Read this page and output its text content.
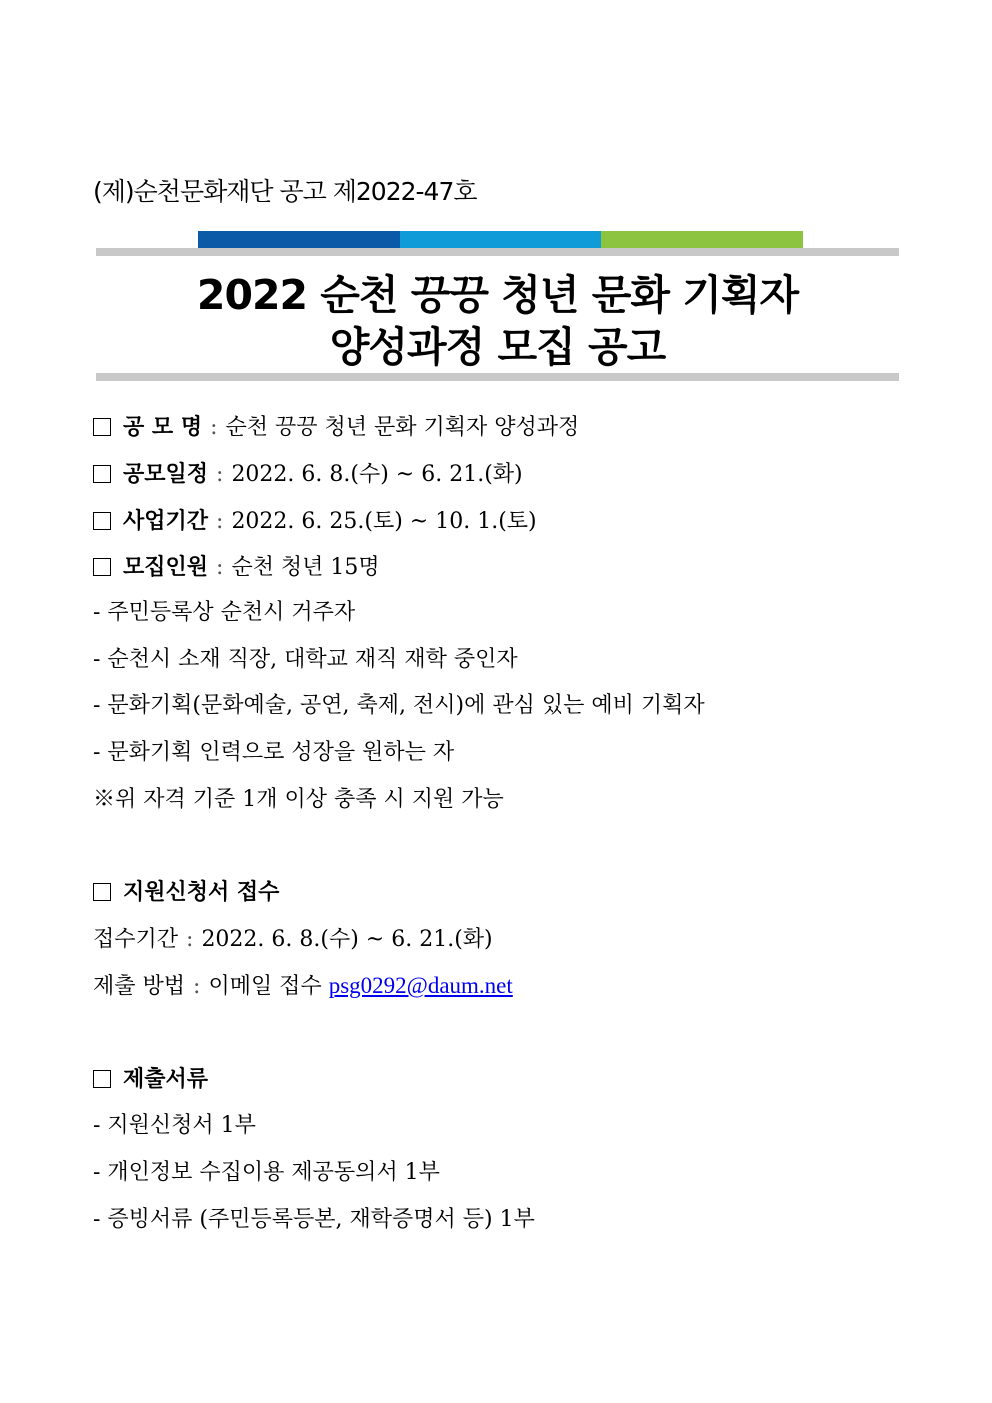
(제)순천문화재단 공고 제2022-47호
2022 순천 끙끙 청년 문화 기획자
양성과정 모집 공고
공 모 명 : 순천 끙끙 청년 문화 기획자 양성과정
공모일정 : 2022. 6. 8.(수) ~ 6. 21.(화)
사업기간 : 2022. 6. 25.(토) ~ 10. 1.(토)
모집인원 : 순천 청년 15명
- 주민등록상 순천시 거주자
- 순천시 소재 직장, 대학교 재직 재학 중인자
- 문화기획(문화예술, 공연, 축제, 전시)에 관심 있는 예비 기획자
- 문화기획 인력으로 성장을 원하는 자
※위 자격 기준 1개 이상 충족 시 지원 가능
지원신청서 접수
접수기간 : 2022. 6. 8.(수) ~ 6. 21.(화)
제출 방법 : 이메일 접수 psg0292@daum.net
제출서류
- 지원신청서 1부
- 개인정보 수집이용 제공동의서 1부
- 증빙서류 (주민등록등본, 재학증명서 등) 1부
